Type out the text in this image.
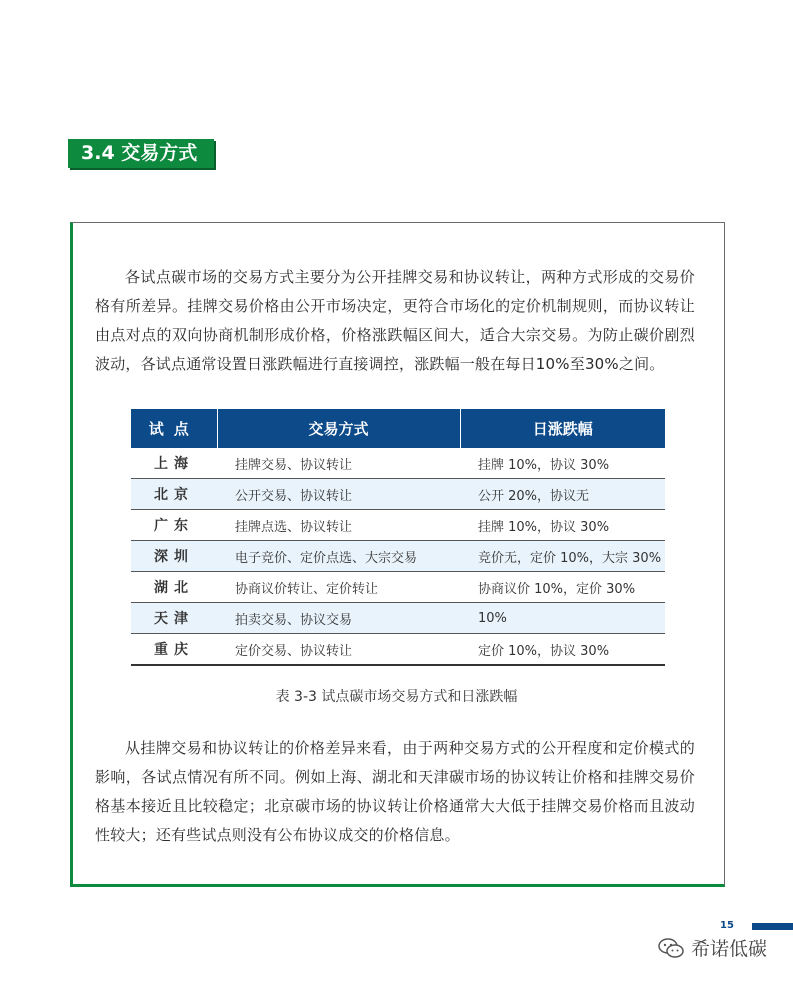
3.4 交易方式

各试点碳市场的交易方式主要分为公开挂牌交易和协议转让，两种方式形成的交易价格有所差异。挂牌交易价格由公开市场决定，更符合市场化的定价机制规则，而协议转让由点对点的双向协商机制形成价格，价格涨跌幅区间大，适合大宗交易。为防止碳价剧烈波动，各试点通常设置日涨跌幅进行直接调控，涨跌幅一般在每日10%至30%之间。

试点	交易方式	日涨跌幅
上海	挂牌交易、协议转让	挂牌 10%，协议 30%
北京	公开交易、协议转让	公开 20%，协议无
广东	挂牌点选、协议转让	挂牌 10%，协议 30%
深圳	电子竞价、定价点选、大宗交易	竞价无，定价 10%，大宗 30%
湖北	协商议价转让、定价转让	协商议价 10%，定价 30%
天津	拍卖交易、协议交易	10%
重庆	定价交易、协议转让	定价 10%，协议 30%
表 3-3 试点碳市场交易方式和日涨跌幅

从挂牌交易和协议转让的价格差异来看，由于两种交易方式的公开程度和定价模式的影响，各试点情况有所不同。例如上海、湖北和天津碳市场的协议转让价格和挂牌交易价格基本接近且比较稳定；北京碳市场的协议转让价格通常大大低于挂牌交易价格而且波动性较大；还有些试点则没有公布协议成交的价格信息。

15
希诺低碳
